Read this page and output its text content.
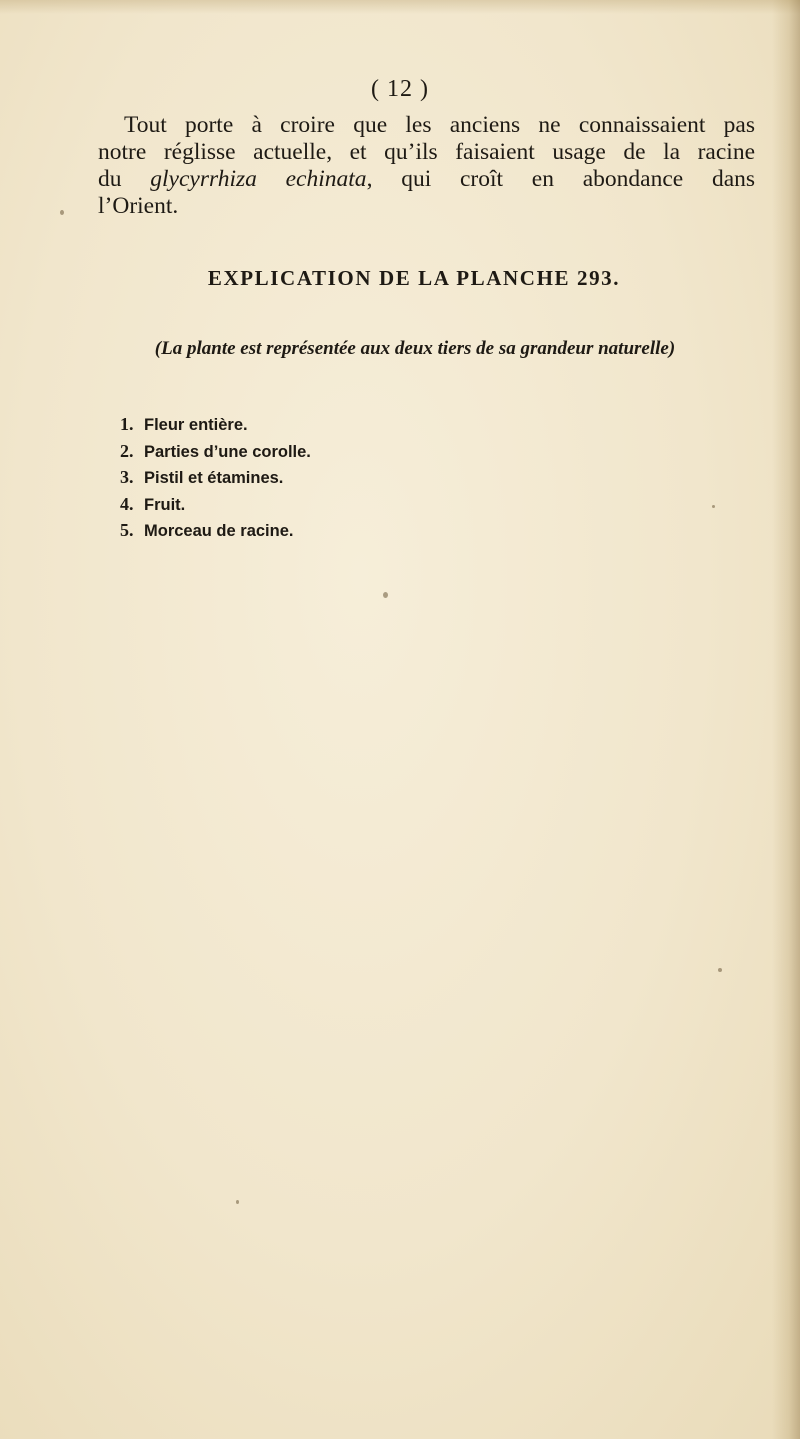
( 12 )
Tout porte à croire que les anciens ne connaissaient pas
notre réglisse actuelle, et qu’ils faisaient usage de la racine
du glycyrrhiza echinata, qui croît en abondance dans
l’Orient.
EXPLICATION DE LA PLANCHE 293.
(La plante est représentée aux deux tiers de sa grandeur naturelle)
1. Fleur entière.
2. Parties d’une corolle.
3. Pistil et étamines.
4. Fruit.
5. Morceau de racine.
